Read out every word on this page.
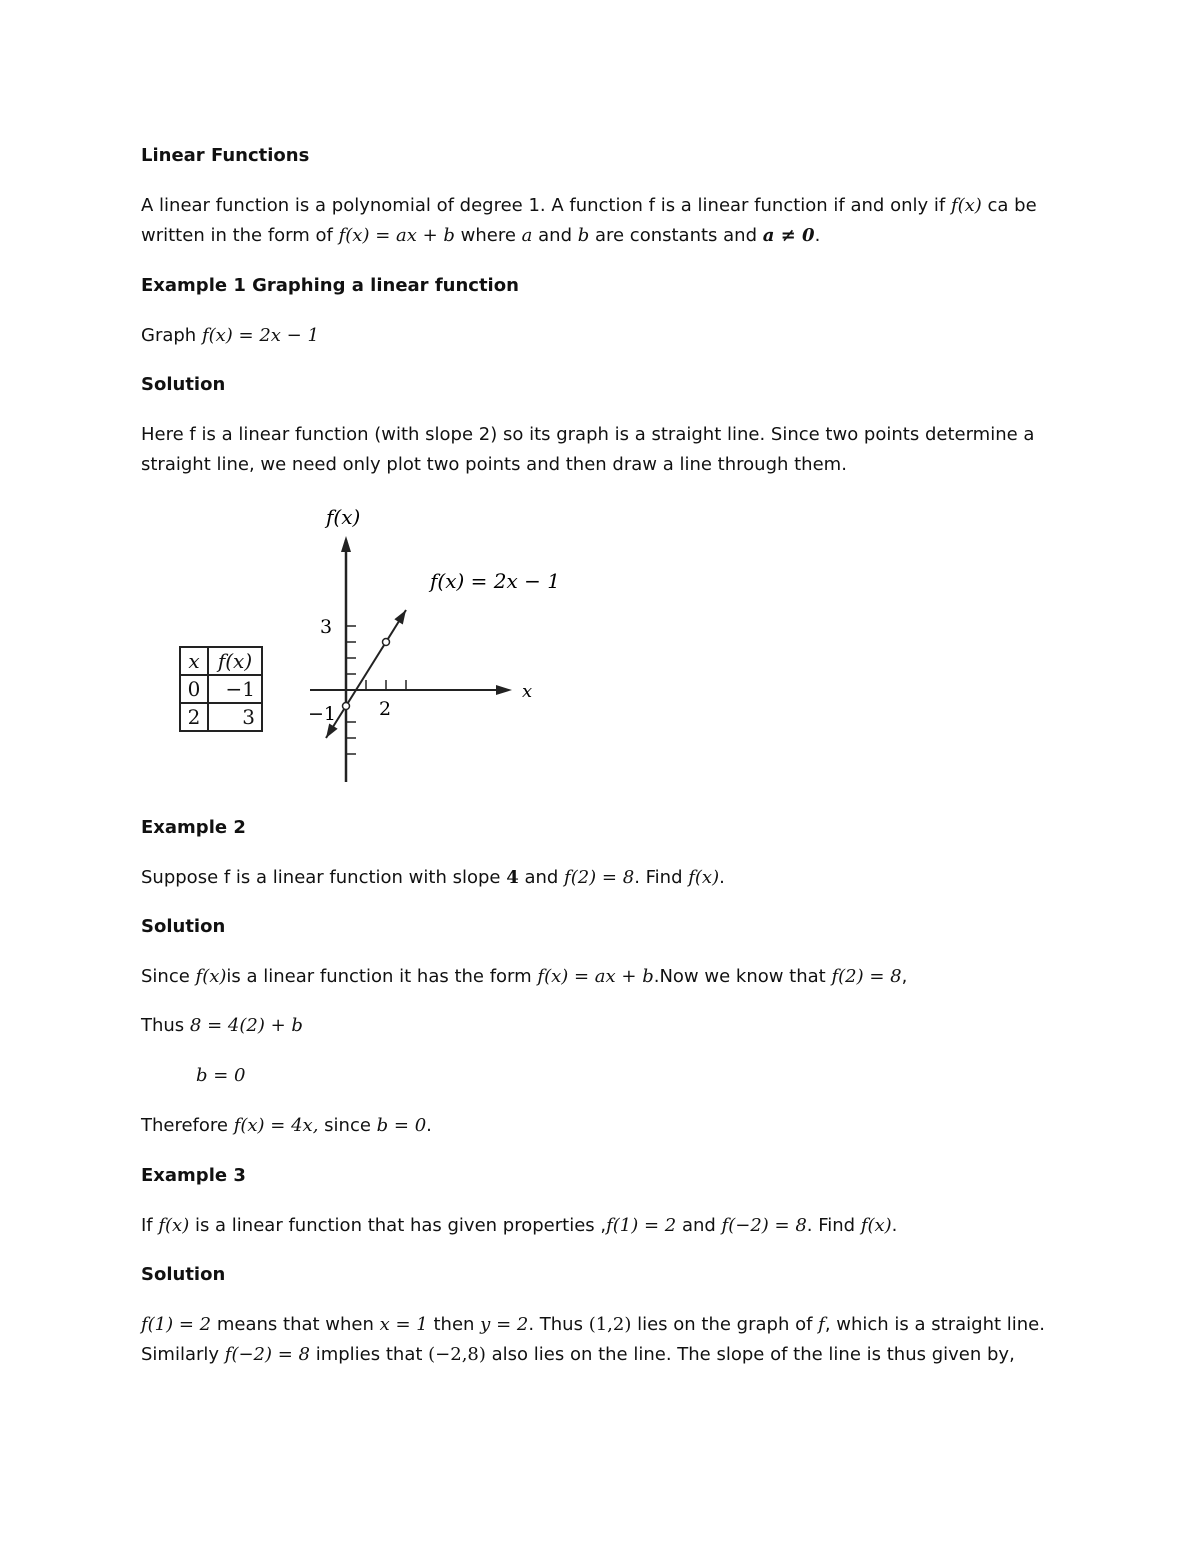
Linear Functions

A linear function is a polynomial of degree 1. A function f is a linear function if and only if f(x) ca be

written in the form of f(x) = ax + b where a and b are constants and a ≠ 0.

Example 1 Graphing a linear function

Graph f(x) = 2x − 1

Solution

Here f is a linear function (with slope 2) so its graph is a straight line. Since two points determine a

straight line, we need only plot two points and then draw a line through them.

x	f(x)
0	−1
2	3
f(x)
x
3
−1 2
f(x) = 2x − 1

Example 2

Suppose f is a linear function with slope 4 and f(2) = 8. Find f(x).

Solution

Since f(x)is a linear function it has the form f(x) = ax + b.Now we know that f(2) = 8,

Thus 8 = 4(2) + b

b = 0

Therefore f(x) = 4x, since b = 0.

Example 3

If f(x) is a linear function that has given properties ,f(1) = 2 and f(−2) = 8. Find f(x).

Solution

f(1) = 2 means that when x = 1 then y = 2. Thus (1,2) lies on the graph of f, which is a straight line.

Similarly f(−2) = 8 implies that (−2,8) also lies on the line. The slope of the line is thus given by,
